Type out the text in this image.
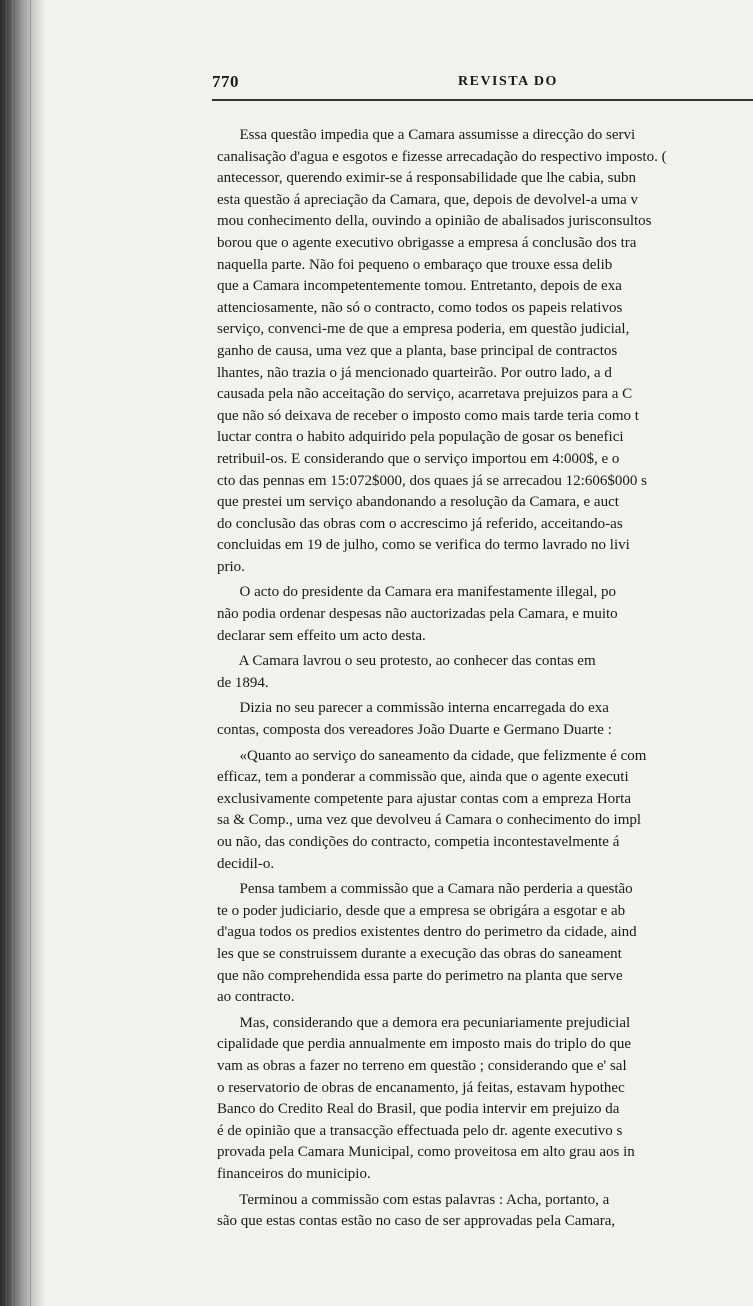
770	REVISTA DO

Essa questão impedia que a Camara assumisse a direcção do servi
canalisação d'agua e esgotos e fizesse arrecadação do respectivo imposto. (
antecessor, querendo eximir-se á responsabilidade que lhe cabia, subn
esta questão á apreciação da Camara, que, depois de devolvel-a uma v
mou conhecimento della, ouvindo a opinião de abalisados jurisconsultos
borou que o agente executivo obrigasse a empresa á conclusão dos tra
naquella parte. Não foi pequeno o embaraço que trouxe essa delib
que a Camara incompetentemente tomou. Entretanto, depois de exa
attenciosamente, não só o contracto, como todos os papeis relativos
serviço, convenci-me de que a empresa poderia, em questão judicial,
ganho de causa, uma vez que a planta, base principal de contractos
lhantes, não trazia o já mencionado quarteirão. Por outro lado, a d
causada pela não acceitação do serviço, acarretava prejuizos para a C
que não só deixava de receber o imposto como mais tarde teria como t
luctar contra o habito adquirido pela população de gosar os benefici
retribuil-os. E considerando que o serviço importou em 4:000$, e o
cto das pennas em 15:072$000, dos quaes já se arrecadou 12:606$000 s
que prestei um serviço abandonando a resolução da Camara, e auct
do conclusão das obras com o accrescimo já referido, acceitando-as
concluidas em 19 de julho, como se verifica do termo lavrado no livi
prio.

O acto do presidente da Camara era manifestamente illegal, po
não podia ordenar despesas não auctorizadas pela Camara, e muito
declarar sem effeito um acto desta.

A Camara lavrou o seu protesto, ao conhecer das contas em
de 1894.

Dizia no seu parecer a commissão interna encarregada do exa
contas, composta dos vereadores João Duarte e Germano Duarte :

«Quanto ao serviço do saneamento da cidade, que felizmente é com
efficaz, tem a ponderar a commissão que, ainda que o agente executi
exclusivamente competente para ajustar contas com a empreza Horta
sa & Comp., uma vez que devolveu á Camara o conhecimento do impl
ou não, das condições do contracto, competia incontestavelmente á
decidil-o.

Pensa tambem a commissão que a Camara não perderia a questão
te o poder judiciario, desde que a empresa se obrigára a esgotar e ab
d'agua todos os predios existentes dentro do perimetro da cidade, aind
les que se construissem durante a execução das obras do saneament
que não comprehendida essa parte do perimetro na planta que serve
ao contracto.

Mas, considerando que a demora era pecuniariamente prejudicial
cipalidade que perdia annualmente em imposto mais do triplo do que
vam as obras a fazer no terreno em questão ; considerando que e' sal
o reservatorio de obras de encanamento, já feitas, estavam hypothec
Banco do Credito Real do Brasil, que podia intervir em prejuizo da
é de opinião que a transacção effectuada pelo dr. agente executivo s
provada pela Camara Municipal, como proveitosa em alto grau aos in
financeiros do municipio.

Terminou a commissão com estas palavras : Acha, portanto, a
são que estas contas estão no caso de ser approvadas pela Camara,
